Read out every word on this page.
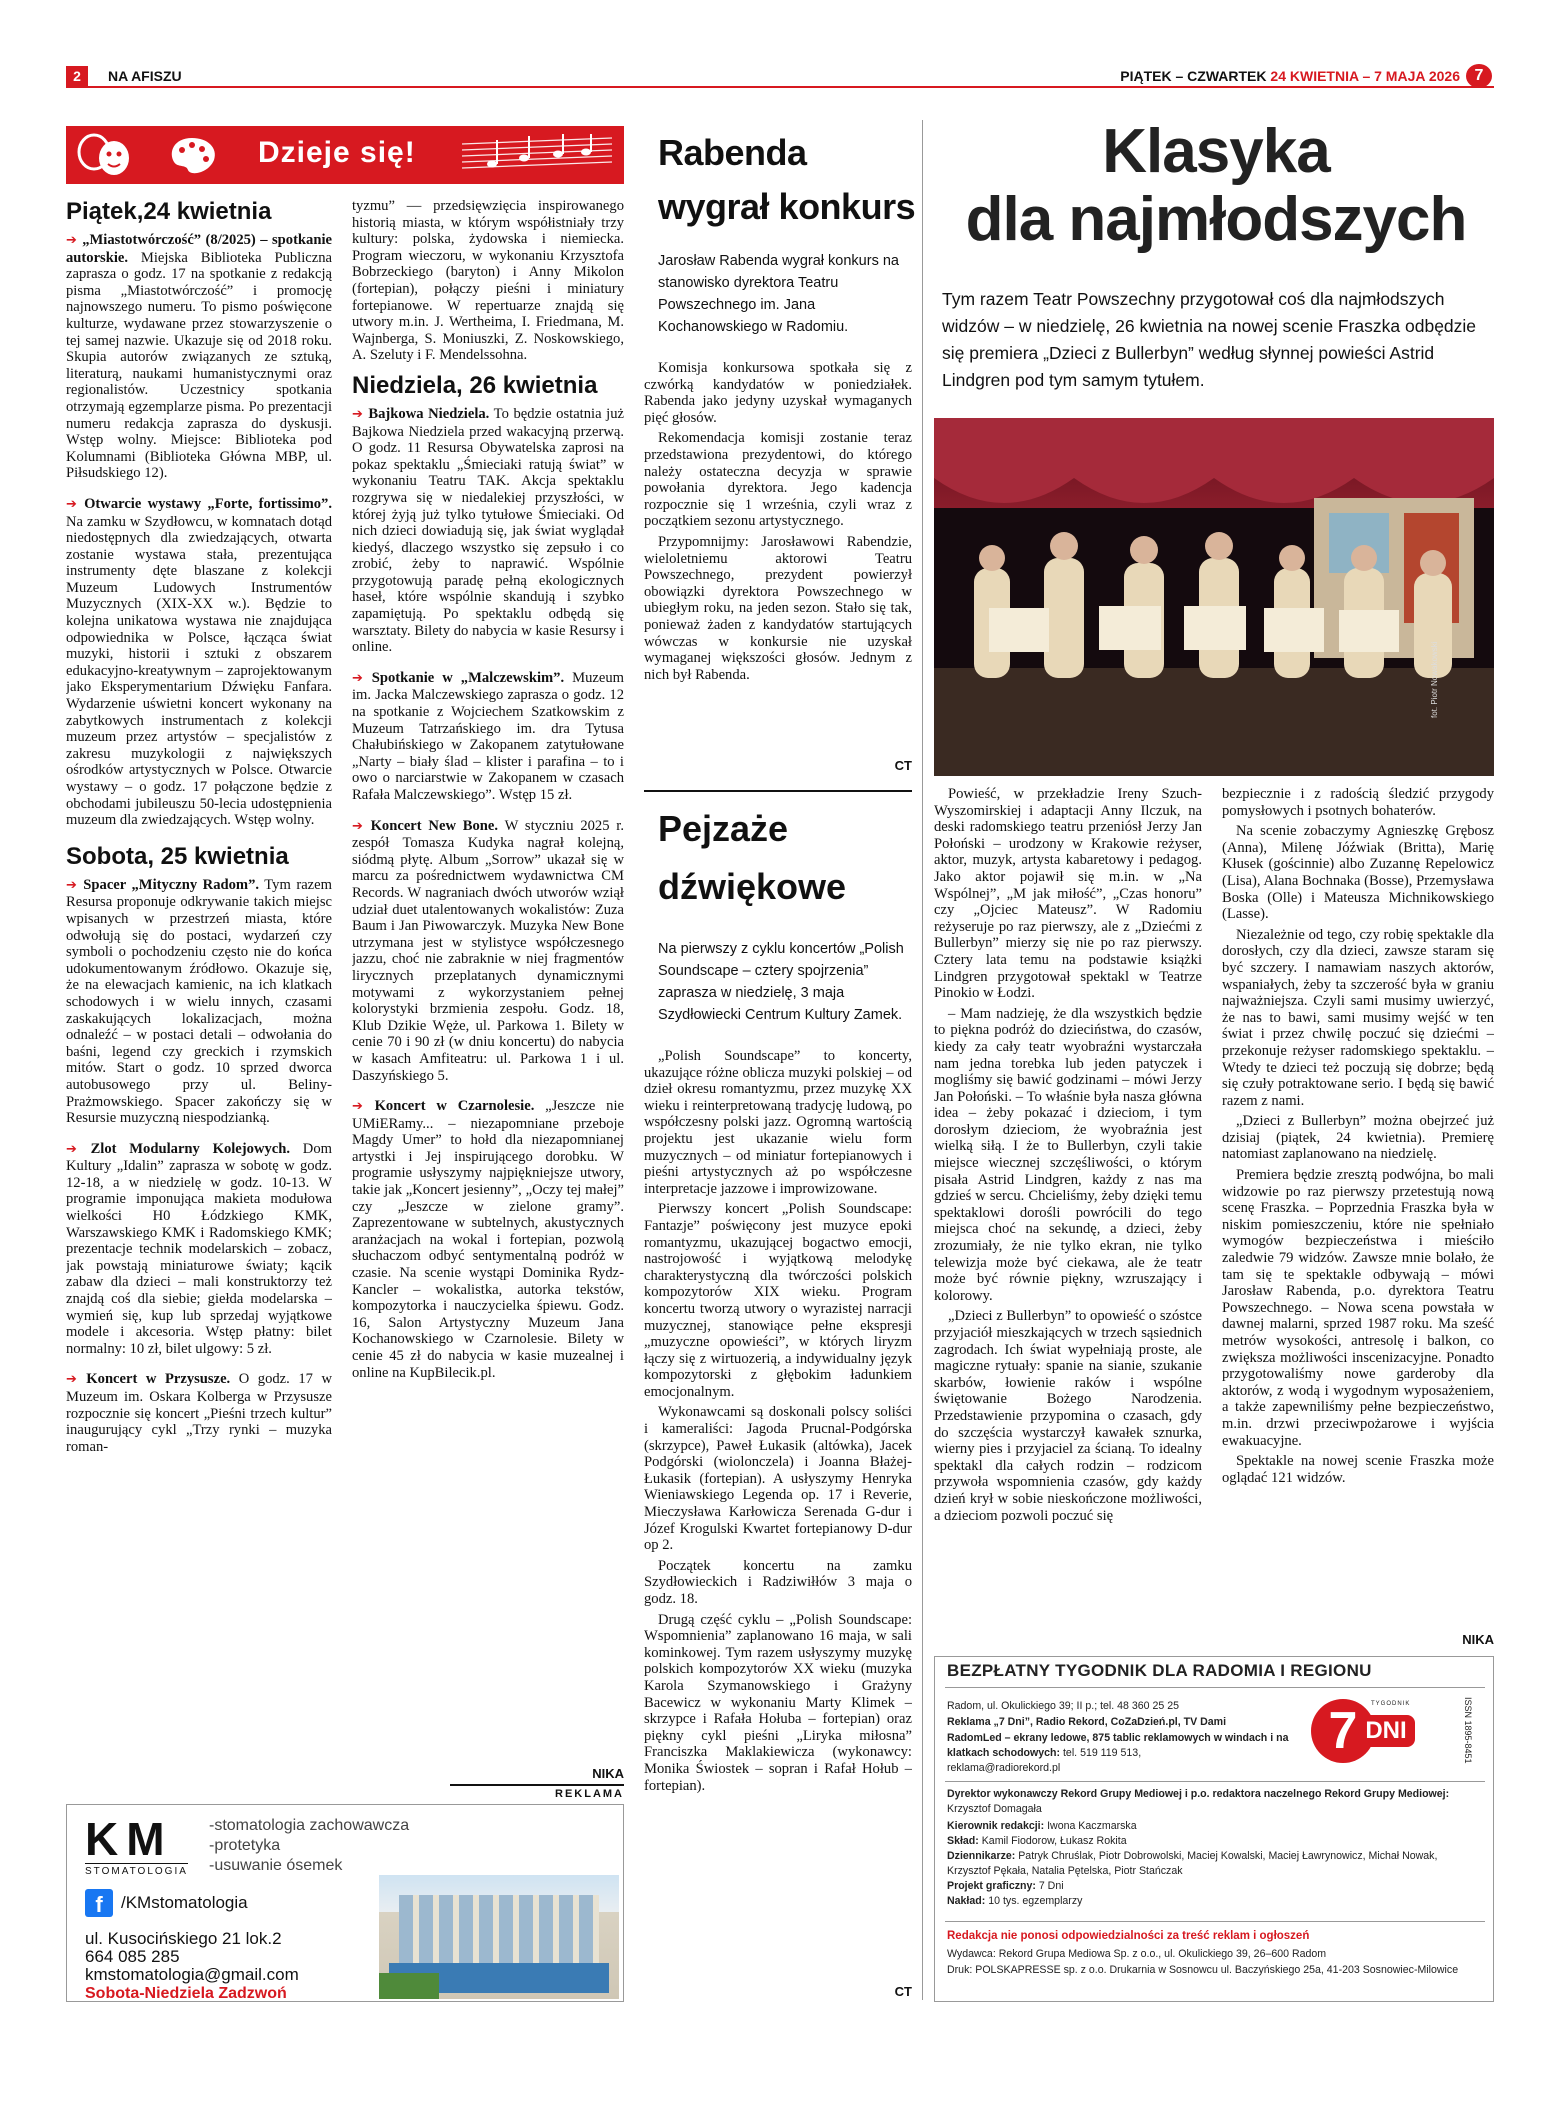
2	NA AFISZU	PIĄTEK – CZWARTEK 24 KWIETNIA – 7 MAJA 2026 7
Dzieje się!
Piątek,24 kwietnia

➔ „Miastotwórczość” (8/2025) – spotkanie autorskie. Miejska Biblioteka Publiczna zaprasza o godz. 17 na spotkanie z redakcją pisma „Miastotwórczość” i promocję najnowszego numeru. To pismo poświęcone kulturze, wydawane przez stowarzyszenie o tej samej nazwie. Ukazuje się od 2018 roku. Skupia autorów związanych ze sztuką, literaturą, naukami humanistycznymi oraz regionalistów. Uczestnicy spotkania otrzymają egzemplarze pisma. Po prezentacji numeru redakcja zaprasza do dyskusji. Wstęp wolny. Miejsce: Biblioteka pod Kolumnami (Biblioteka Główna MBP, ul. Piłsudskiego 12).

➔ Otwarcie wystawy „Forte, fortissimo”. Na zamku w Szydłowcu, w komnatach dotąd niedostępnych dla zwiedzających, otwarta zostanie wystawa stała, prezentująca instrumenty dęte blaszane z kolekcji Muzeum Ludowych Instrumentów Muzycznych (XIX-XX w.). Będzie to kolejna unikatowa wystawa nie znajdująca odpowiednika w Polsce, łącząca świat muzyki, historii i sztuki z obszarem edukacyjno-kreatywnym – zaprojektowanym jako Eksperymentarium Dźwięku Fanfara. Wydarzenie uświetni koncert wykonany na zabytkowych instrumentach z kolekcji muzeum przez artystów – specjalistów z zakresu muzykologii z największych ośrodków artystycznych w Polsce. Otwarcie wystawy – o godz. 17 połączone będzie z obchodami jubileuszu 50-lecia udostępnienia muzeum dla zwiedzających. Wstęp wolny.

Sobota, 25 kwietnia

➔ Spacer „Mityczny Radom”. Tym razem Resursa proponuje odkrywanie takich miejsc wpisanych w przestrzeń miasta, które odwołują się do postaci, wydarzeń czy symboli o pochodzeniu często nie do końca udokumentowanym źródłowo. Okazuje się, że na elewacjach kamienic, na ich klatkach schodowych i w wielu innych, czasami zaskakujących lokalizacjach, można odnaleźć – w postaci detali – odwołania do baśni, legend czy greckich i rzymskich mitów. Start o godz. 10 sprzed dworca autobusowego przy ul. Beliny-Prażmowskiego. Spacer zakończy się w Resursie muzyczną niespodzianką.

➔ Zlot Modularny Kolejowych. Dom Kultury „Idalin” zaprasza w sobotę w godz. 12-18, a w niedzielę w godz. 10-13. W programie imponująca makieta modułowa wielkości H0 Łódzkiego KMK, Warszawskiego KMK i Radomskiego KMK; prezentacje technik modelarskich – zobacz, jak powstają miniaturowe światy; kącik zabaw dla dzieci – mali konstruktorzy też znajdą coś dla siebie; giełda modelarska – wymień się, kup lub sprzedaj wyjątkowe modele i akcesoria. Wstęp płatny: bilet normalny: 10 zł, bilet ulgowy: 5 zł.

➔ Koncert w Przysusze. O godz. 17 w Muzeum im. Oskara Kolberga w Przysusze rozpocznie się koncert „Pieśni trzech kultur” inaugurujący cykl „Trzy rynki – muzyka roman-

tyzmu” — przedsięwzięcia inspirowanego historią miasta, w którym współistniały trzy kultury: polska, żydowska i niemiecka. Program wieczoru, w wykonaniu Krzysztofa Bobrzeckiego (baryton) i Anny Mikolon (fortepian), połączy pieśni i miniatury fortepianowe. W repertuarze znajdą się utwory m.in. J. Wertheima, I. Friedmana, M. Wajnberga, S. Moniuszki, Z. Noskowskiego, A. Szeluty i F. Mendelssohna.

Niedziela, 26 kwietnia

➔ Bajkowa Niedziela. To będzie ostatnia już Bajkowa Niedziela przed wakacyjną przerwą. O godz. 11 Resursa Obywatelska zaprosi na pokaz spektaklu „Śmieciaki ratują świat” w wykonaniu Teatru TAK. Akcja spektaklu rozgrywa się w niedalekiej przyszłości, w której żyją już tylko tytułowe Śmieciaki. Od nich dzieci dowiadują się, jak świat wyglądał kiedyś, dlaczego wszystko się zepsuło i co zrobić, żeby to naprawić. Wspólnie przygotowują paradę pełną ekologicznych haseł, które wspólnie skandują i szybko zapamiętują. Po spektaklu odbędą się warsztaty. Bilety do nabycia w kasie Resursy i online.

➔ Spotkanie w „Malczewskim”. Muzeum im. Jacka Malczewskiego zaprasza o godz. 12 na spotkanie z Wojciechem Szatkowskim z Muzeum Tatrzańskiego im. dra Tytusa Chałubińskiego w Zakopanem zatytułowane „Narty – biały ślad – klister i parafina – to i owo o narciarstwie w Zakopanem w czasach Rafała Malczewskiego”. Wstęp 15 zł.

➔ Koncert New Bone. W styczniu 2025 r. zespół Tomasza Kudyka nagrał kolejną, siódmą płytę. Album „Sorrow” ukazał się w marcu za pośrednictwem wydawnictwa CM Records. W nagraniach dwóch utworów wziął udział duet utalentowanych wokalistów: Zuza Baum i Jan Piwowarczyk. Muzyka New Bone utrzymana jest w stylistyce współczesnego jazzu, choć nie zabraknie w niej fragmentów lirycznych przeplatanych dynamicznymi motywami z wykorzystaniem pełnej kolorystyki brzmienia zespołu. Godz. 18, Klub Dzikie Węże, ul. Parkowa 1. Bilety w cenie 70 i 90 zł (w dniu koncertu) do nabycia w kasach Amfiteatru: ul. Parkowa 1 i ul. Daszyńskiego 5.

➔ Koncert w Czarnolesie. „Jeszcze nie UMiERamy... – niezapomniane przeboje Magdy Umer” to hołd dla niezapomnianej artystki i Jej inspirującego dorobku. W programie usłyszymy najpiękniejsze utwory, takie jak „Koncert jesienny”, „Oczy tej małej” czy „Jeszcze w zielone gramy”. Zaprezentowane w subtelnych, akustycznych aranżacjach na wokal i fortepian, pozwolą słuchaczom odbyć sentymentalną podróż w czasie. Na scenie wystąpi Dominika Rydz-Kancler – wokalistka, autorka tekstów, kompozytorka i nauczycielka śpiewu. Godz. 16, Salon Artystyczny Muzeum Jana Kochanowskiego w Czarnolesie. Bilety w cenie 45 zł do nabycia w kasie muzealnej i online na KupBilecik.pl.

NIKA
REKLAMA
KM
STOMATOLOGIA
-stomatologia zachowawcza
-protetyka
-usuwanie ósemek
f	/KMstomatologia
ul. Kusocińskiego 21 lok.2
664 085 285
kmstomatologia@gmail.com
Sobota-Niedziela Zadzwoń
Rabenda wygrał konkurs
Jarosław Rabenda wygrał konkurs na stanowisko dyrektora Teatru Powszechnego im. Jana Kochanowskiego w Radomiu.

Komisja konkursowa spotkała się z czwórką kandydatów w poniedziałek. Rabenda jako jedyny uzyskał wymaganych pięć głosów.

Rekomendacja komisji zostanie teraz przedstawiona prezydentowi, do którego należy ostateczna decyzja w sprawie powołania dyrektora. Jego kadencja rozpocznie się 1 września, czyli wraz z początkiem sezonu artystycznego.

Przypomnijmy: Jarosławowi Rabendzie, wieloletniemu aktorowi Teatru Powszechnego, prezydent powierzył obowiązki dyrektora Powszechnego w ubiegłym roku, na jeden sezon. Stało się tak, ponieważ żaden z kandydatów startujących wówczas w konkursie nie uzyskał wymaganej większości głosów. Jednym z nich był Rabenda.

CT
Pejzaże dźwiękowe
Na pierwszy z cyklu koncertów „Polish Soundscape – cztery spojrzenia” zaprasza w niedzielę, 3 maja Szydłowiecki Centrum Kultury Zamek.

„Polish Soundscape” to koncerty, ukazujące różne oblicza muzyki polskiej – od dzieł okresu romantyzmu, przez muzykę XX wieku i reinterpretowaną tradycję ludową, po współczesny polski jazz. Ogromną wartością projektu jest ukazanie wielu form muzycznych – od miniatur fortepianowych i pieśni artystycznych aż po współczesne interpretacje jazzowe i improwizowane.

Pierwszy koncert „Polish Soundscape: Fantazje” poświęcony jest muzyce epoki romantyzmu, ukazującej bogactwo emocji, nastrojowość i wyjątkową melodykę charakterystyczną dla twórczości polskich kompozytorów XIX wieku. Program koncertu tworzą utwory o wyrazistej narracji muzycznej, stanowiące pełne ekspresji „muzyczne opowieści”, w których liryzm łączy się z wirtuozerią, a indywidualny język kompozytorski z głębokim ładunkiem emocjonalnym.

Wykonawcami są doskonali polscy soliści i kameraliści: Jagoda Prucnal-Podgórska (skrzypce), Paweł Łukasik (altówka), Jacek Podgórski (wiolonczela) i Joanna Błażej-Łukasik (fortepian). A usłyszymy Henryka Wieniawskiego Legenda op. 17 i Reverie, Mieczysława Karłowicza Serenada G-dur i Józef Krogulski Kwartet fortepianowy D-dur op 2.

Początek koncertu na zamku Szydłowieckich i Radziwiłłów 3 maja o godz. 18.

Drugą część cyklu – „Polish Soundscape: Wspomnienia” zaplanowano 16 maja, w sali kominkowej. Tym razem usłyszymy muzykę polskich kompozytorów XX wieku (muzyka Karola Szymanowskiego i Grażyny Bacewicz w wykonaniu Marty Klimek – skrzypce i Rafała Hołuba – fortepian) oraz piękny cykl pieśni „Liryka miłosna” Franciszka Maklakiewicza (wykonawcy: Monika Świostek – sopran i Rafał Hołub – fortepian).

CT
Klasyka
dla najmłodszych
Tym razem Teatr Powszechny przygotował coś dla najmłodszych widzów – w niedzielę, 26 kwietnia na nowej scenie Fraszka odbędzie się premiera „Dzieci z Bullerbyn” według słynnej powieści Astrid Lindgren pod tym samym tytułem.
fot. Piotr Nowakowski

Powieść, w przekładzie Ireny Szuch-Wyszomirskiej i adaptacji Anny Ilczuk, na deski radomskiego teatru przeniósł Jerzy Jan Połoński – urodzony w Krakowie reżyser, aktor, muzyk, artysta kabaretowy i pedagog. Jako aktor pojawił się m.in. w „Na Wspólnej”, „M jak miłość”, „Czas honoru” czy „Ojciec Mateusz”. W Radomiu reżyseruje po raz pierwszy, ale z „Dziećmi z Bullerbyn” mierzy się nie po raz pierwszy. Cztery lata temu na podstawie książki Lindgren przygotował spektakl w Teatrze Pinokio w Łodzi.

– Mam nadzieję, że dla wszystkich będzie to piękna podróż do dzieciństwa, do czasów, kiedy za cały teatr wyobraźni wystarczała nam jedna torebka lub jeden patyczek i mogliśmy się bawić godzinami – mówi Jerzy Jan Połoński. – To właśnie była nasza główna idea – żeby pokazać i dzieciom, i tym dorosłym dzieciom, że wyobraźnia jest wielką siłą. I że to Bullerbyn, czyli takie miejsce wiecznej szczęśliwości, o którym pisała Astrid Lindgren, każdy z nas ma gdzieś w sercu. Chcieliśmy, żeby dzięki temu spektaklowi dorośli powrócili do tego miejsca choć na sekundę, a dzieci, żeby zrozumiały, że nie tylko ekran, nie tylko telewizja może być ciekawa, ale że teatr może być równie piękny, wzruszający i kolorowy.

„Dzieci z Bullerbyn” to opowieść o szóstce przyjaciół mieszkających w trzech sąsiednich zagrodach. Ich świat wypełniają proste, ale magiczne rytuały: spanie na sianie, szukanie skarbów, łowienie raków i wspólne świętowanie Bożego Narodzenia. Przedstawienie przypomina o czasach, gdy do szczęścia wystarczył kawałek sznurka, wierny pies i przyjaciel za ścianą. To idealny spektakl dla całych rodzin – rodzicom przywoła wspomnienia czasów, gdy każdy dzień krył w sobie nieskończone możliwości, a dzieciom pozwoli poczuć się

bezpiecznie i z radością śledzić przygody pomysłowych i psotnych bohaterów.

Na scenie zobaczymy Agnieszkę Grębosz (Anna), Milenę Jóźwiak (Britta), Marię Kłusek (gościnnie) albo Zuzannę Repelowicz (Lisa), Alana Bochnaka (Bosse), Przemysława Boska (Olle) i Mateusza Michnikowskiego (Lasse).

Niezależnie od tego, czy robię spektakle dla dorosłych, czy dla dzieci, zawsze staram się być szczery. I namawiam naszych aktorów, wspaniałych, żeby ta szczerość była w graniu najważniejsza. Czyli sami musimy uwierzyć, że nas to bawi, sami musimy wejść w ten świat i przez chwilę poczuć się dziećmi – przekonuje reżyser radomskiego spektaklu. – Wtedy te dzieci też poczują się dobrze; będą się czuły potraktowane serio. I będą się bawić razem z nami.

„Dzieci z Bullerbyn” można obejrzeć już dzisiaj (piątek, 24 kwietnia). Premierę natomiast zaplanowano na niedzielę.

Premiera będzie zresztą podwójna, bo mali widzowie po raz pierwszy przetestują nową scenę Fraszka. – Poprzednia Fraszka była w niskim pomieszczeniu, które nie spełniało wymogów bezpieczeństwa i mieściło zaledwie 79 widzów. Zawsze mnie bolało, że tam się te spektakle odbywają – mówi Jarosław Rabenda, p.o. dyrektora Teatru Powszechnego. – Nowa scena powstała w dawnej malarni, sprzed 1987 roku. Ma sześć metrów wysokości, antresolę i balkon, co zwiększa możliwości inscenizacyjne. Ponadto przygotowaliśmy nowe garderoby dla aktorów, z wodą i wygodnym wyposażeniem, a także zapewniliśmy pełne bezpieczeństwo, m.in. drzwi przeciwpożarowe i wyjścia ewakuacyjne.

Spektakle na nowej scenie Fraszka może oglądać 121 widzów.

NIKA
BEZPŁATNY TYGODNIK DLA RADOMIA I REGIONU
Radom, ul. Okulickiego 39; II p.; tel. 48 360 25 25
Reklama „7 Dni”, Radio Rekord, CoZaDzień.pl, TV Dami
RadomLed – ekrany ledowe, 875 tablic reklamowych w windach i na klatkach schodowych: tel. 519 119 513,
reklama@radiorekord.pl
7	TYGODNIK
DNI	ISSN 1895-8451
Dyrektor wykonawczy Rekord Grupy Mediowej i p.o. redaktora naczelnego Rekord Grupy Mediowej: Krzysztof Domagała
Kierownik redakcji: Iwona Kaczmarska
Skład: Kamil Fiodorow, Łukasz Rokita
Dziennikarze: Patryk Chruślak, Piotr Dobrowolski, Maciej Kowalski, Maciej Ławrynowicz, Michał Nowak, Krzysztof Pękała, Natalia Pętelska, Piotr Stańczak
Projekt graficzny: 7 Dni
Nakład: 10 tys. egzemplarzy
Redakcja nie ponosi odpowiedzialności za treść reklam i ogłoszeń
Wydawca: Rekord Grupa Mediowa Sp. z o.o., ul. Okulickiego 39, 26–600 Radom
Druk: POLSKAPRESSE sp. z o.o. Drukarnia w Sosnowcu ul. Baczyńskiego 25a, 41-203 Sosnowiec-Milowice
